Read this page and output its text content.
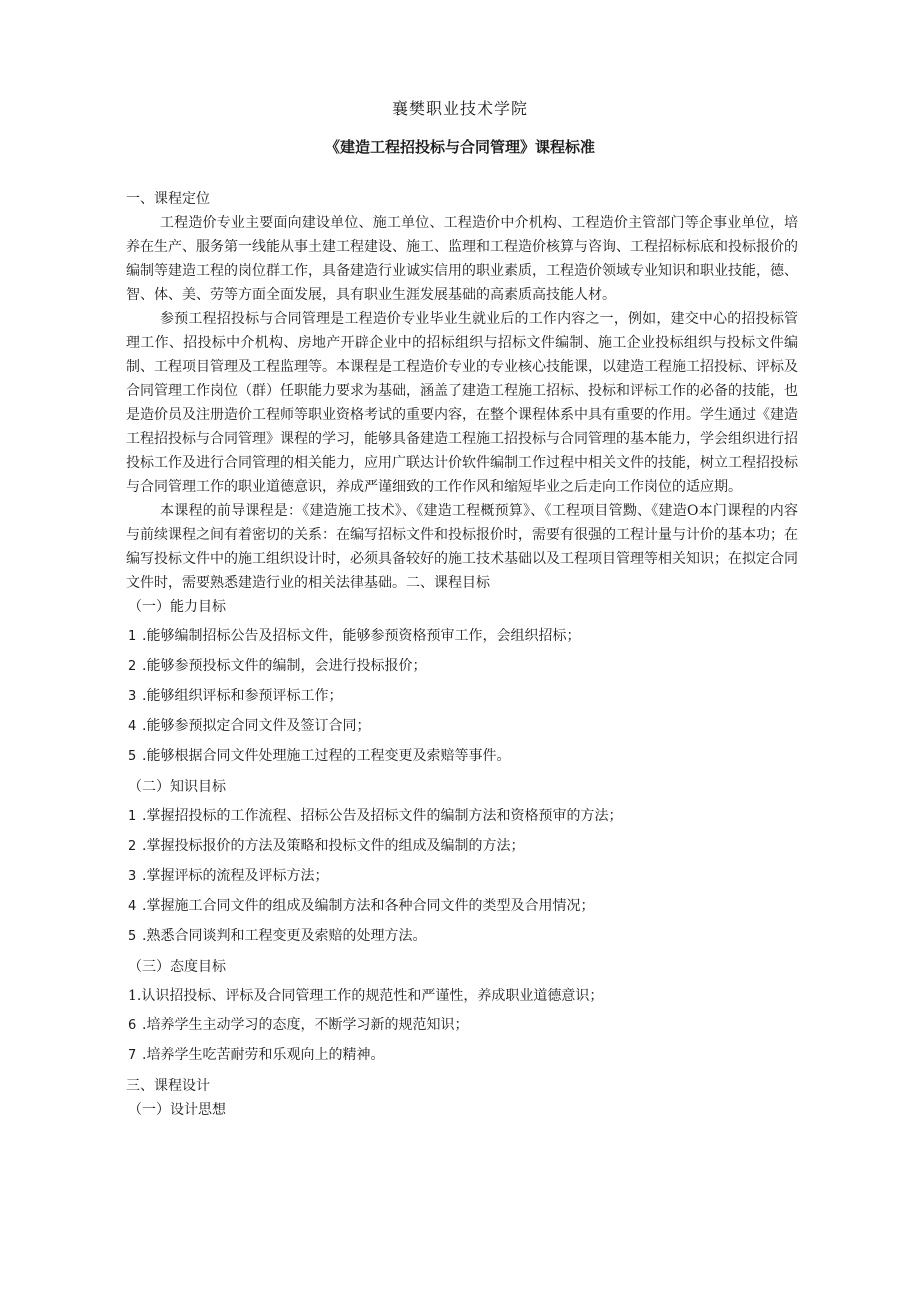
襄樊职业技术学院
《建造工程招投标与合同管理》课程标准

一、课程定位

工程造价专业主要面向建设单位、施工单位、工程造价中介机构、工程造价主管部门等企事业单位，培养在生产、服务第一线能从事土建工程建设、施工、监理和工程造价核算与咨询、工程招标标底和投标报价的编制等建造工程的岗位群工作，具备建造行业诚实信用的职业素质，工程造价领域专业知识和职业技能，德、智、体、美、劳等方面全面发展，具有职业生涯发展基础的高素质高技能人材。

参预工程招投标与合同管理是工程造价专业毕业生就业后的工作内容之一，例如，建交中心的招投标管理工作、招投标中介机构、房地产开辟企业中的招标组织与招标文件编制、施工企业投标组织与投标文件编制、工程项目管理及工程监理等。本课程是工程造价专业的专业核心技能课，以建造工程施工招投标、评标及合同管理工作岗位（群）任职能力要求为基础，涵盖了建造工程施工招标、投标和评标工作的必备的技能，也是造价员及注册造价工程师等职业资格考试的重要内容，在整个课程体系中具有重要的作用。学生通过《建造工程招投标与合同管理》课程的学习，能够具备建造工程施工招投标与合同管理的基本能力，学会组织进行招投标工作及进行合同管理的相关能力，应用广联达计价软件编制工作过程中相关文件的技能，树立工程招投标与合同管理工作的职业道德意识，养成严谨细致的工作作风和缩短毕业之后走向工作岗位的适应期。

本课程的前导课程是：《建造施工技术》、《建造工程概预算》、《工程项目管黝、《建造O本门课程的内容与前续课程之间有着密切的关系：在编写招标文件和投标报价时，需要有很强的工程计量与计价的基本功；在编写投标文件中的施工组织设计时，必须具备较好的施工技术基础以及工程项目管理等相关知识；在拟定合同文件时，需要熟悉建造行业的相关法律基础。二、课程目标

（一）能力目标

1 .能够编制招标公告及招标文件，能够参预资格预审工作，会组织招标；

2 .能够参预投标文件的编制，会进行投标报价；

3 .能够组织评标和参预评标工作；

4 .能够参预拟定合同文件及签订合同；

5 .能够根据合同文件处理施工过程的工程变更及索赔等事件。

（二）知识目标

1 .掌握招投标的工作流程、招标公告及招标文件的编制方法和资格预审的方法；

2 .掌握投标报价的方法及策略和投标文件的组成及编制的方法；

3 .掌握评标的流程及评标方法；

4 .掌握施工合同文件的组成及编制方法和各种合同文件的类型及合用情况；

5 .熟悉合同谈判和工程变更及索赔的处理方法。

（三）态度目标

1.认识招投标、评标及合同管理工作的规范性和严谨性，养成职业道德意识；

6 .培养学生主动学习的态度，不断学习新的规范知识；

7 .培养学生吃苦耐劳和乐观向上的精神。

三、课程设计

（一）设计思想
